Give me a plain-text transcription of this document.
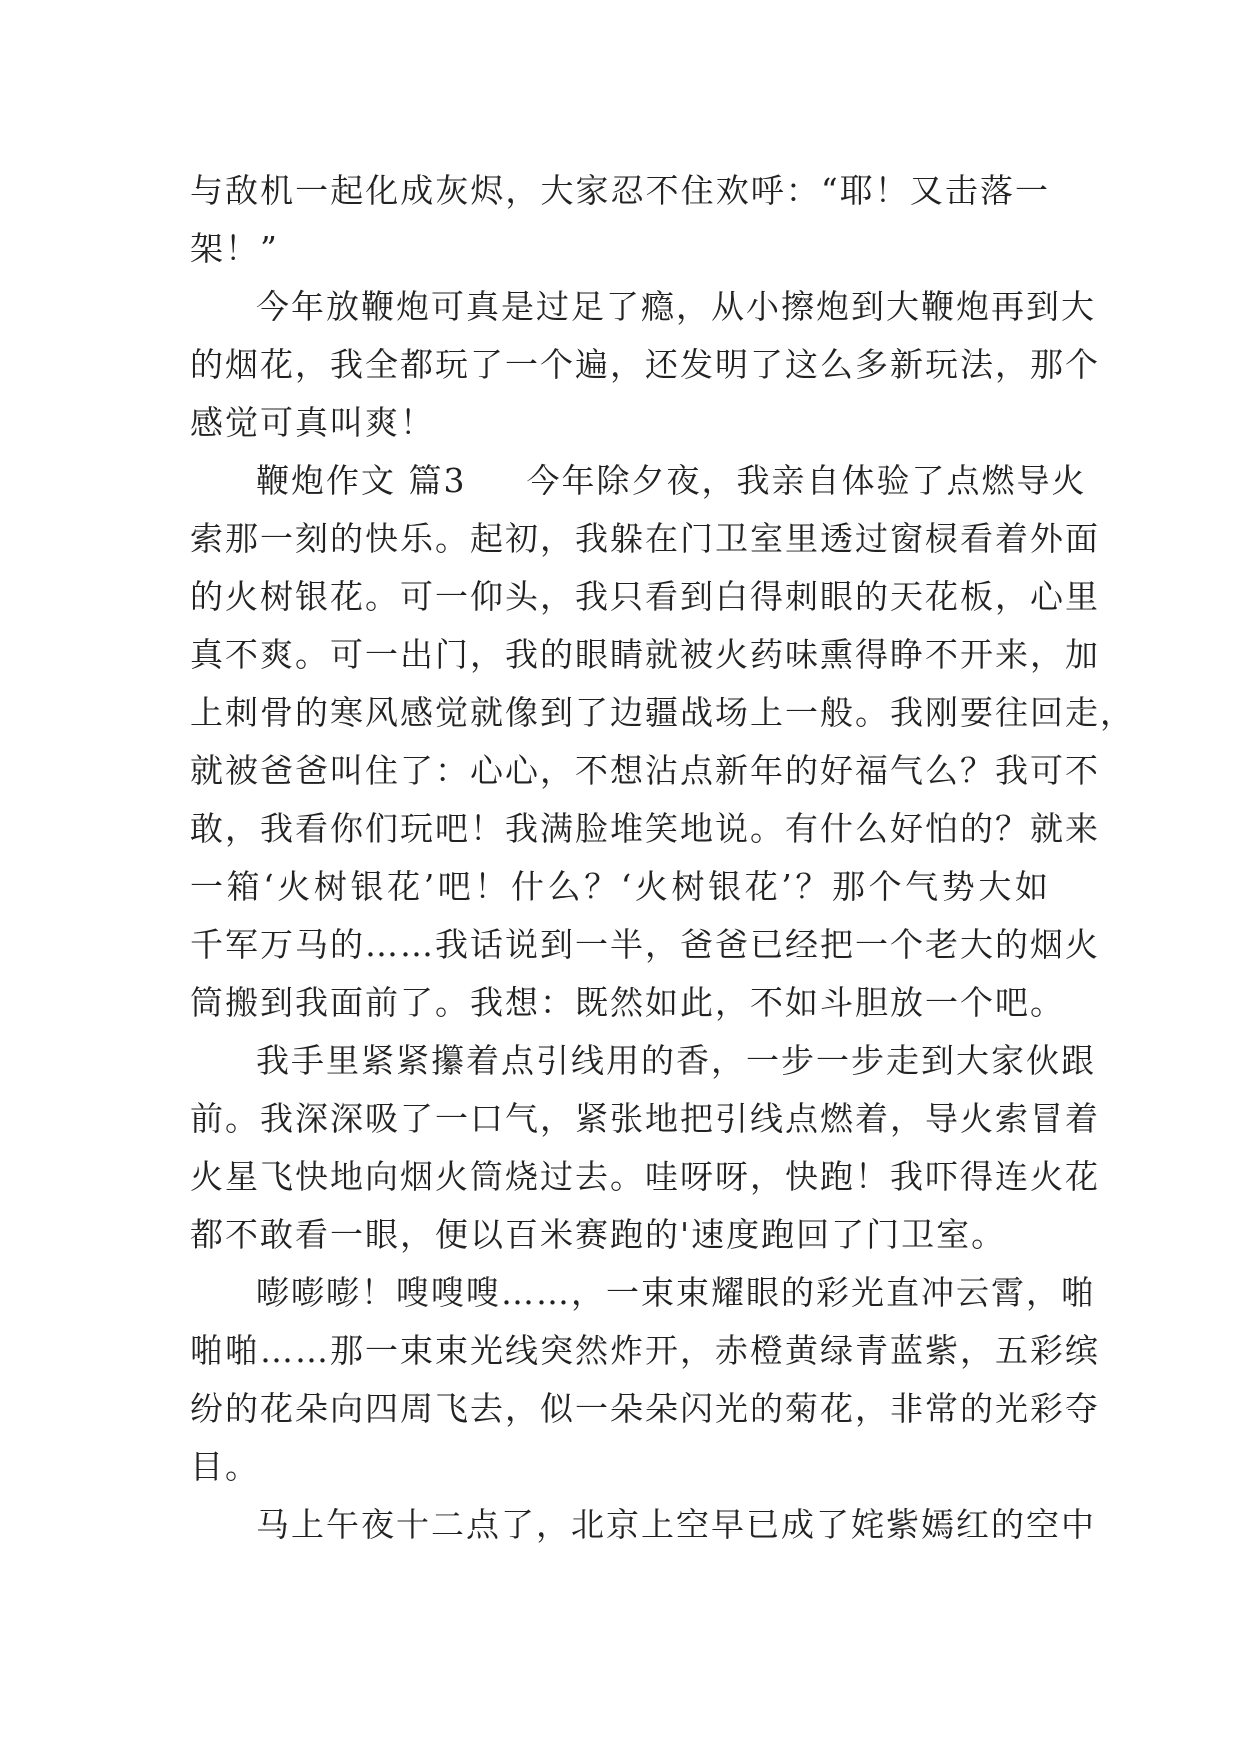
与敌机一起化成灰烬，大家忍不住欢呼：“耶！又击落一
架！”
今年放鞭炮可真是过足了瘾，从小擦炮到大鞭炮再到大
的烟花，我全都玩了一个遍，还发明了这么多新玩法，那个
感觉可真叫爽！
鞭炮作文 篇3 今年除夕夜，我亲自体验了点燃导火
索那一刻的快乐。起初，我躲在门卫室里透过窗棂看着外面
的火树银花。可一仰头，我只看到白得刺眼的天花板，心里
真不爽。可一出门，我的眼睛就被火药味熏得睁不开来，加
上刺骨的寒风感觉就像到了边疆战场上一般。我刚要往回走，
就被爸爸叫住了：心心，不想沾点新年的好福气么？我可不
敢，我看你们玩吧！我满脸堆笑地说。有什么好怕的？就来
一箱‘火树银花’吧！什么？‘火树银花’？那个气势大如
千军万马的……我话说到一半，爸爸已经把一个老大的烟火
筒搬到我面前了。我想：既然如此，不如斗胆放一个吧。
我手里紧紧攥着点引线用的香，一步一步走到大家伙跟
前。我深深吸了一口气，紧张地把引线点燃着，导火索冒着
火星飞快地向烟火筒烧过去。哇呀呀，快跑！我吓得连火花
都不敢看一眼，便以百米赛跑的'速度跑回了门卫室。
嘭嘭嘭！嗖嗖嗖……，一束束耀眼的彩光直冲云霄，啪
啪啪……那一束束光线突然炸开，赤橙黄绿青蓝紫，五彩缤
纷的花朵向四周飞去，似一朵朵闪光的菊花，非常的光彩夺
目。
马上午夜十二点了，北京上空早已成了姹紫嫣红的空中
